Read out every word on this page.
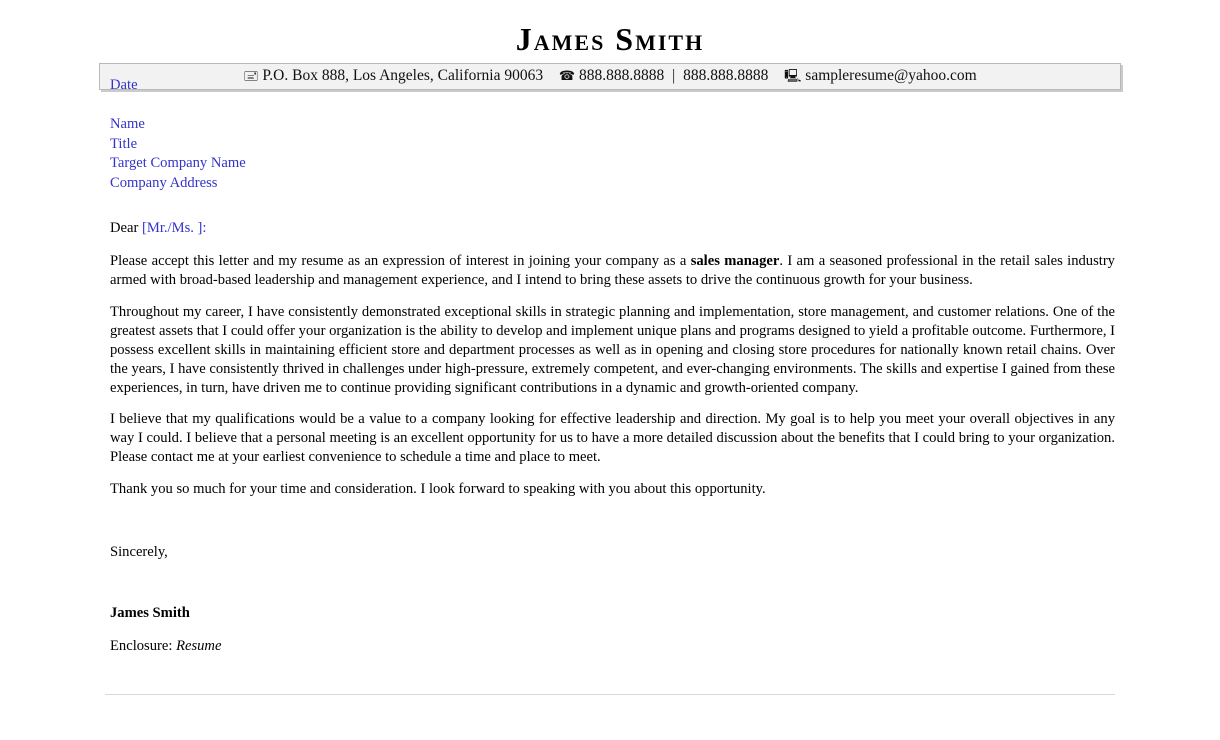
James Smith
🖃 P.O. Box 888, Los Angeles, California 90063 ☎ 888.888.8888 | 888.888.8888 🖳 sampleresume@yahoo.com
Date
Name
Title
Target Company Name
Company Address
Dear [Mr./Ms. ]:

Please accept this letter and my resume as an expression of interest in joining your company as a sales manager. I am a seasoned professional in the retail sales industry armed with broad-based leadership and management experience, and I intend to bring these assets to drive the continuous growth for your business.

Throughout my career, I have consistently demonstrated exceptional skills in strategic planning and implementation, store management, and customer relations. One of the greatest assets that I could offer your organization is the ability to develop and implement unique plans and programs designed to yield a profitable outcome. Furthermore, I possess excellent skills in maintaining efficient store and department processes as well as in opening and closing store procedures for nationally known retail chains. Over the years, I have consistently thrived in challenges under high-pressure, extremely competent, and ever-changing environments. The skills and expertise I gained from these experiences, in turn, have driven me to continue providing significant contributions in a dynamic and growth-oriented company.

I believe that my qualifications would be a value to a company looking for effective leadership and direction. My goal is to help you meet your overall objectives in any way I could. I believe that a personal meeting is an excellent opportunity for us to have a more detailed discussion about the benefits that I could bring to your organization. Please contact me at your earliest convenience to schedule a time and place to meet.

Thank you so much for your time and consideration. I look forward to speaking with you about this opportunity.

Sincerely,
James Smith
Enclosure: Resume
